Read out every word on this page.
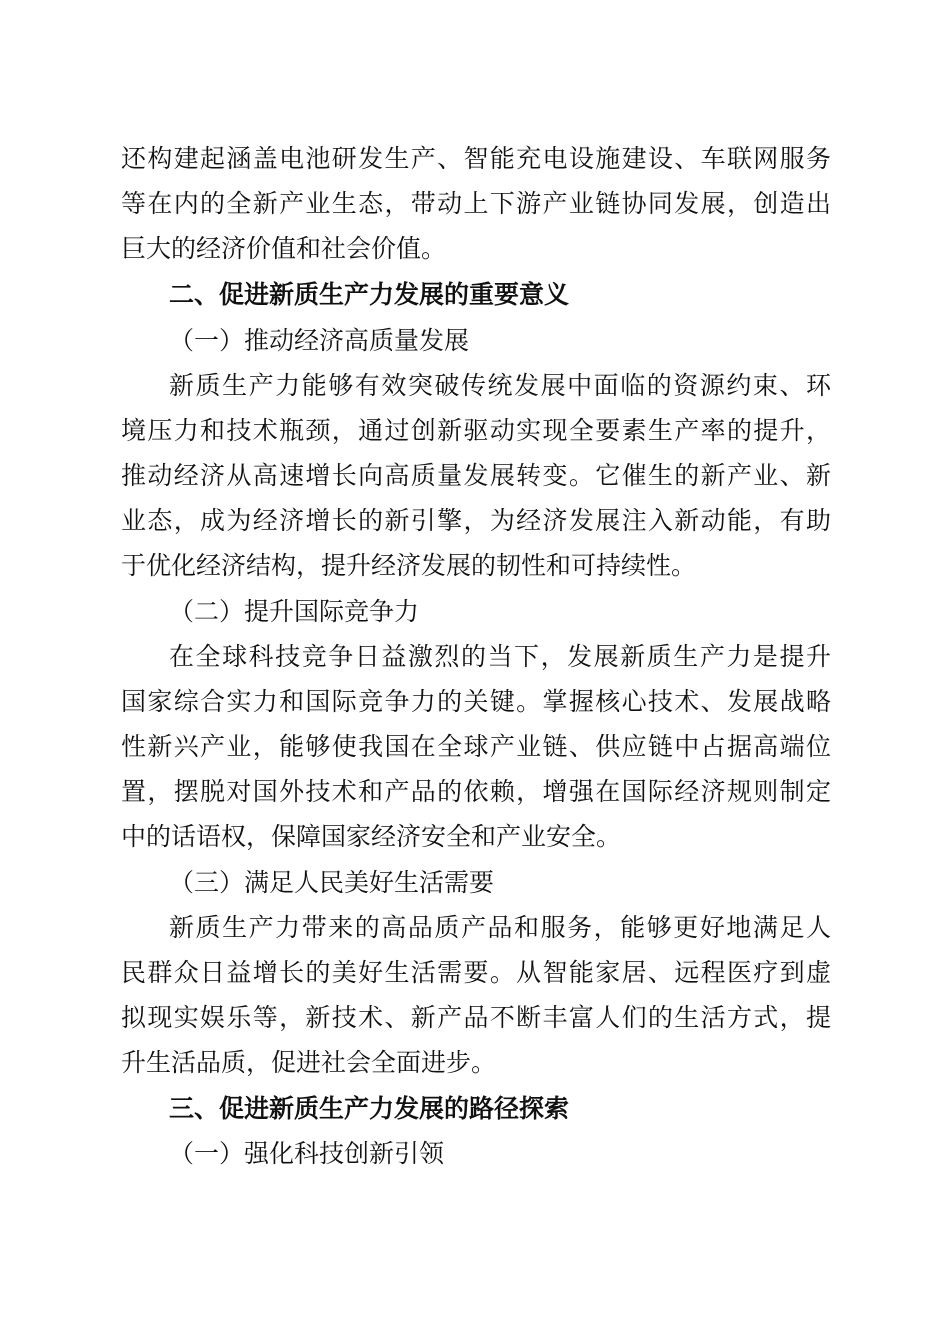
还构建起涵盖电池研发生产、智能充电设施建设、车联网服务
等在内的全新产业生态，带动上下游产业链协同发展，创造出
巨大的经济价值和社会价值。
二、促进新质生产力发展的重要意义
（一）推动经济高质量发展
新质生产力能够有效突破传统发展中面临的资源约束、环
境压力和技术瓶颈，通过创新驱动实现全要素生产率的提升，
推动经济从高速增长向高质量发展转变。它催生的新产业、新
业态，成为经济增长的新引擎，为经济发展注入新动能，有助
于优化经济结构，提升经济发展的韧性和可持续性。
（二）提升国际竞争力
在全球科技竞争日益激烈的当下，发展新质生产力是提升
国家综合实力和国际竞争力的关键。掌握核心技术、发展战略
性新兴产业，能够使我国在全球产业链、供应链中占据高端位
置，摆脱对国外技术和产品的依赖，增强在国际经济规则制定
中的话语权，保障国家经济安全和产业安全。
（三）满足人民美好生活需要
新质生产力带来的高品质产品和服务，能够更好地满足人
民群众日益增长的美好生活需要。从智能家居、远程医疗到虚
拟现实娱乐等，新技术、新产品不断丰富人们的生活方式，提
升生活品质，促进社会全面进步。
三、促进新质生产力发展的路径探索
（一）强化科技创新引领
